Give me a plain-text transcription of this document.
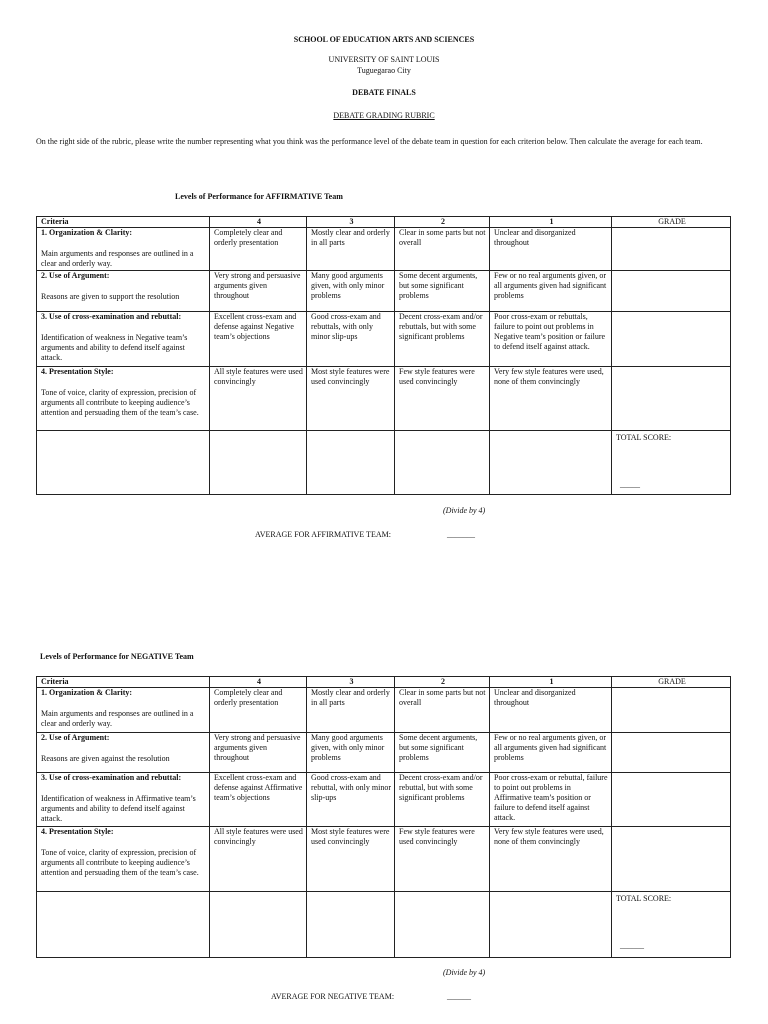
SCHOOL OF EDUCATION ARTS AND SCIENCES
UNIVERSITY OF SAINT LOUIS
Tuguegarao City
DEBATE FINALS
DEBATE GRADING RUBRIC
On the right side of the rubric, please write the number representing what you think was the performance level of the debate team in question for each criterion below. Then calculate the average for each team.
Levels of Performance for AFFIRMATIVE Team
Criteria	4	3	2	1	GRADE

1. Organization & Clarity:
Main arguments and responses are outlined in a clear and orderly way.	Completely clear and orderly presentation	Mostly clear and orderly in all parts	Clear in some parts but not overall	Unclear and disorganized throughout	

2. Use of Argument:
Reasons are given to support the resolution	Very strong and persuasive arguments given throughout	Many good arguments given, with only minor problems	Some decent arguments, but some significant problems	Few or no real arguments given, or all arguments given had significant problems	

3. Use of cross-examination and rebuttal:
Identification of weakness in Negative team’s arguments and ability to defend itself against attack.	Excellent cross-exam and defense against Negative team’s objections	Good cross-exam and rebuttals, with only minor slip-ups	Decent cross-exam and/or rebuttals, but with some significant problems	Poor cross-exam or rebuttals, failure to point out problems in Negative team’s position or failure to defend itself against attack.	

4. Presentation Style:
Tone of voice, clarity of expression, precision of arguments all contribute to keeping audience’s attention and persuading them of the team’s case.	All style features were used convincingly	Most style features were used convincingly	Few style features were used convincingly	Very few style features were used, none of them convincingly	

					TOTAL SCORE:
_____
(Divide by 4)
AVERAGE FOR AFFIRMATIVE TEAM:	_______
Levels of Performance for NEGATIVE Team
Criteria	4	3	2	1	GRADE

1. Organization & Clarity:
Main arguments and responses are outlined in a clear and orderly way.	Completely clear and orderly presentation	Mostly clear and orderly in all parts	Clear in some parts but not overall	Unclear and disorganized throughout	

2. Use of Argument:
Reasons are given against the resolution	Very strong and persuasive arguments given throughout	Many good arguments given, with only minor problems	Some decent arguments, but some significant problems	Few or no real arguments given, or all arguments given had significant problems	

3. Use of cross-examination and rebuttal:
Identification of weakness in Affirmative team’s arguments and ability to defend itself against attack.	Excellent cross-exam and defense against Affirmative team’s objections	Good cross-exam and rebuttal, with only minor slip-ups	Decent cross-exam and/or rebuttal, but with some significant problems	Poor cross-exam or rebuttal, failure to point out problems in Affirmative team’s position or failure to defend itself against attack.	

4. Presentation Style:
Tone of voice, clarity of expression, precision of arguments all contribute to keeping audience’s attention and persuading them of the team’s case.	All style features were used convincingly	Most style features were used convincingly	Few style features were used convincingly	Very few style features were used, none of them convincingly	

					TOTAL SCORE:
______
(Divide by 4)
AVERAGE FOR NEGATIVE TEAM:	______
